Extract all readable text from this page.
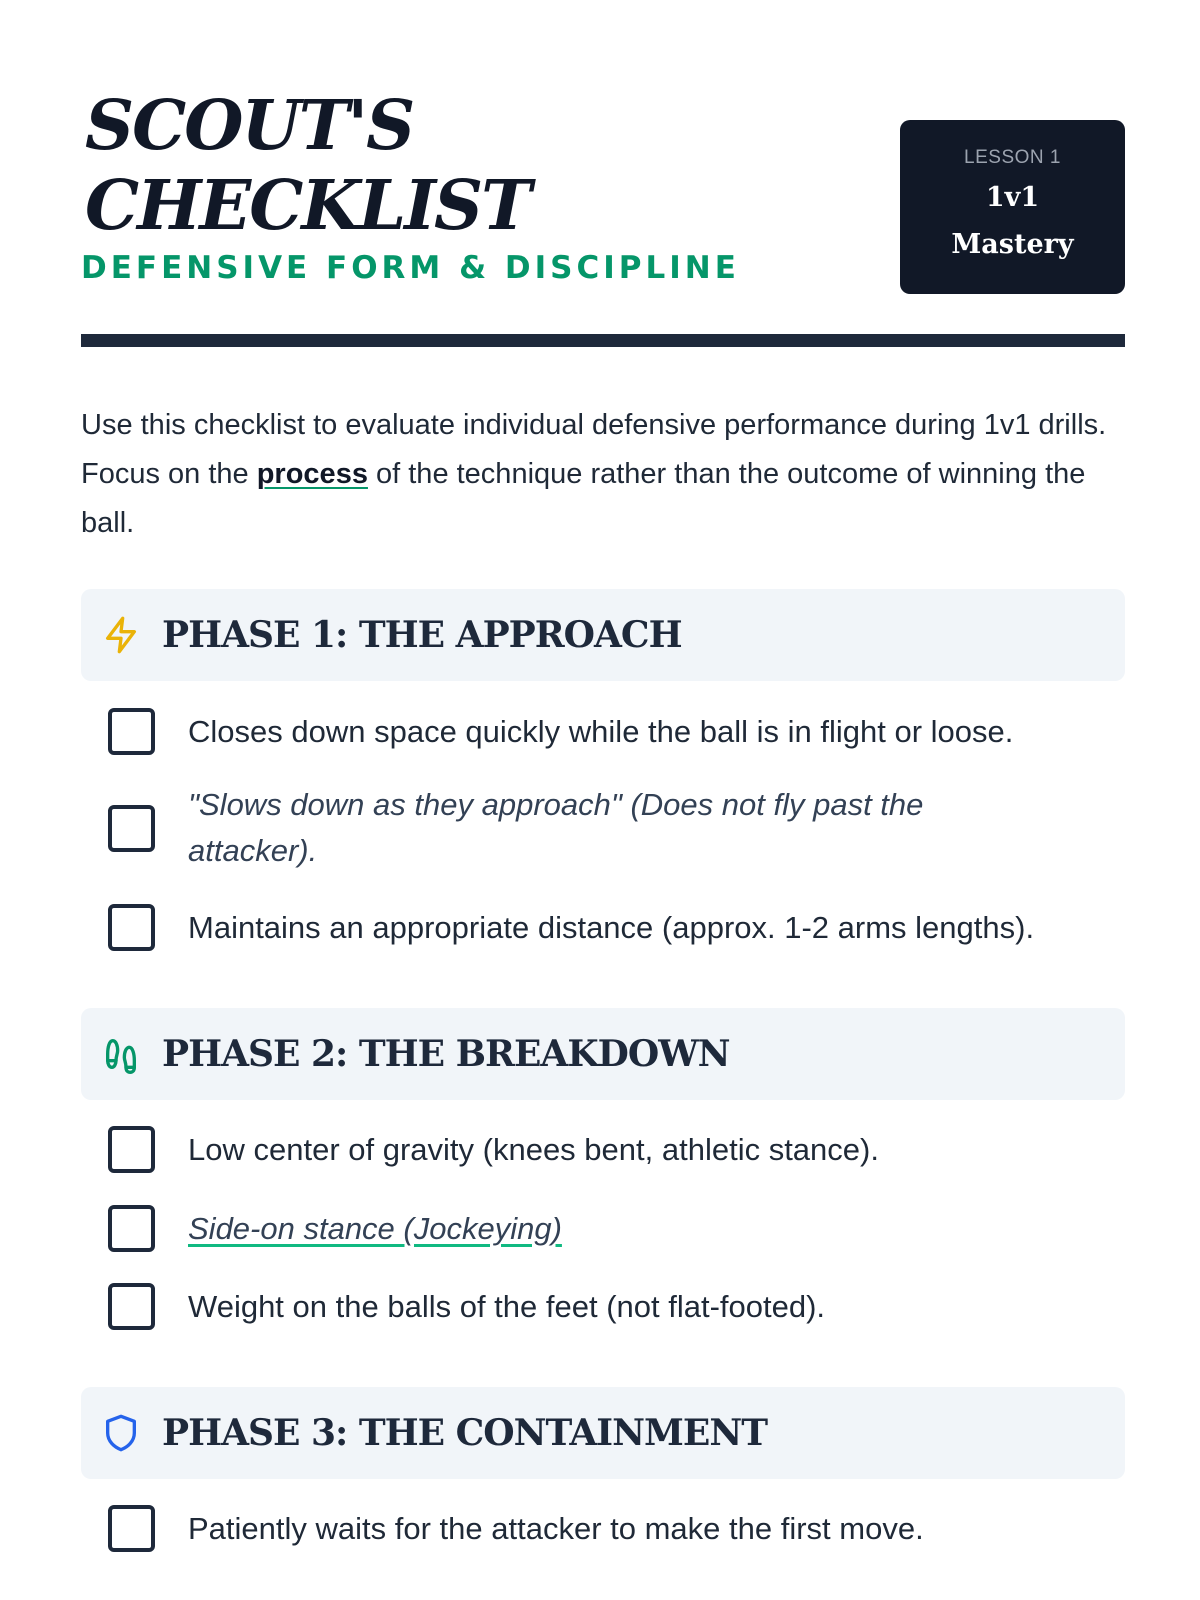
SCOUT'S
CHECKLIST
DEFENSIVE FORM & DISCIPLINE
LESSON 1
1v1
Mastery

Use this checklist to evaluate individual defensive performance during 1v1 drills. Focus on the process of the technique rather than the outcome of winning the ball.

PHASE 1: THE APPROACH
Closes down space quickly while the ball is in flight or loose.
"Slows down as they approach" (Does not fly past the attacker).
Maintains an appropriate distance (approx. 1-2 arms lengths).
PHASE 2: THE BREAKDOWN
Low center of gravity (knees bent, athletic stance).
Side-on stance (Jockeying)
Weight on the balls of the feet (not flat-footed).
PHASE 3: THE CONTAINMENT
Patiently waits for the attacker to make the first move.
